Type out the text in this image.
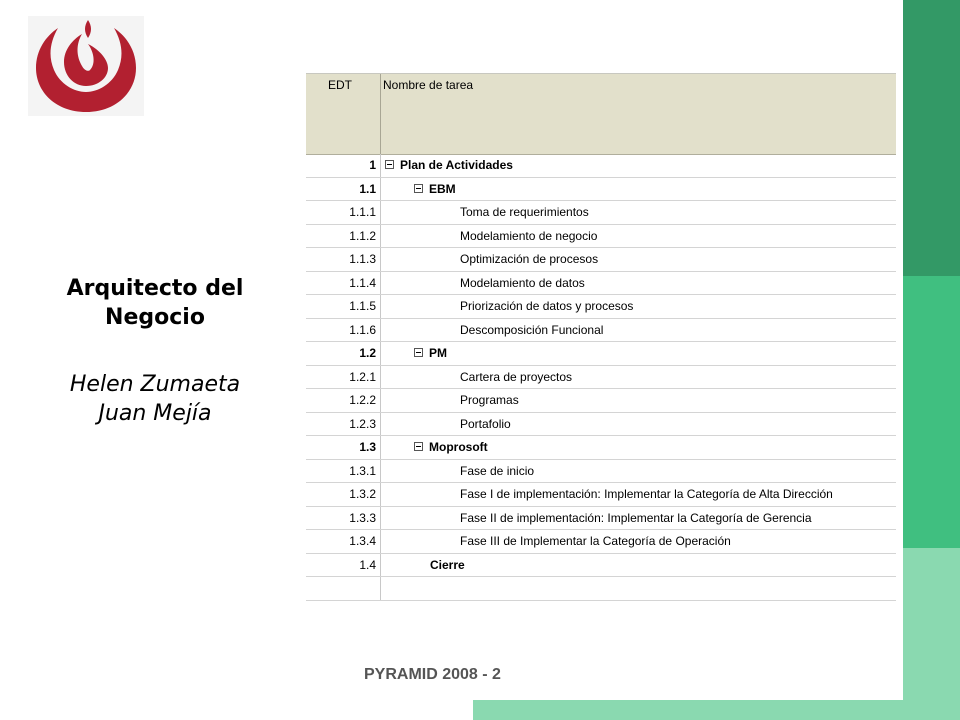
Arquitecto del
Negocio
Helen Zumaeta
Juan Mejía
EDT	Nombre de tarea
1	Plan de Actividades
1.1	EBM
1.1.1	Toma de requerimientos
1.1.2	Modelamiento de negocio
1.1.3	Optimización de procesos
1.1.4	Modelamiento de datos
1.1.5	Priorización de datos y procesos
1.1.6	Descomposición Funcional
1.2	PM
1.2.1	Cartera de proyectos
1.2.2	Programas
1.2.3	Portafolio
1.3	Moprosoft
1.3.1	Fase de inicio
1.3.2	Fase I de implementación: Implementar la Categoría de Alta Dirección
1.3.3	Fase II de implementación: Implementar la Categoría de Gerencia
1.3.4	Fase III de Implementar la Categoría de Operación
1.4	Cierre
PYRAMID 2008 - 2
